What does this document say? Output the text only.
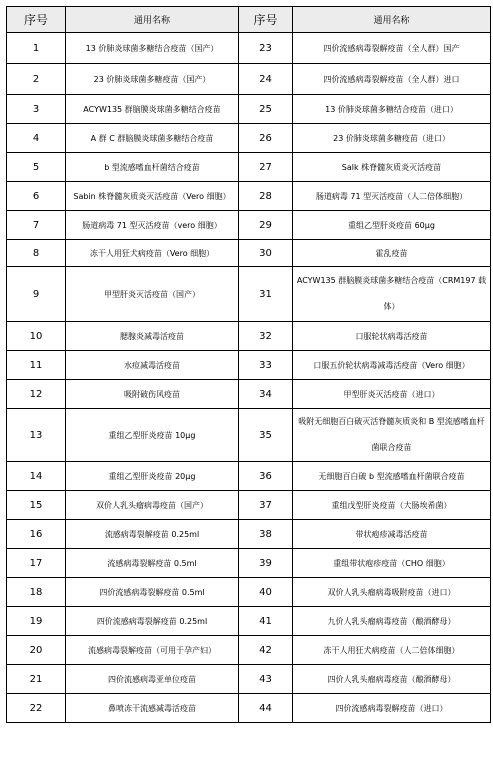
序号	通用名称	序号	通用名称
1	13 价肺炎球菌多糖结合疫苗（国产）	23	四价流感病毒裂解疫苗（全人群）国产
2	23 价肺炎球菌多糖疫苗（国产）	24	四价流感病毒裂解疫苗（全人群）进口
3	ACYW135 群脑膜炎球菌多糖结合疫苗	25	13 价肺炎球菌多糖结合疫苗（进口）
4	A 群 C 群脑膜炎球菌多糖结合疫苗	26	23 价肺炎球菌多糖疫苗（进口）
5	b 型流感嗜血杆菌结合疫苗	27	Salk 株脊髓灰质炎灭活疫苗
6	Sabin 株脊髓灰质炎灭活疫苗（Vero 细胞）	28	肠道病毒 71 型灭活疫苗（人二倍体细胞）
7	肠道病毒 71 型灭活疫苗（vero 细胞）	29	重组乙型肝炎疫苗 60μg
8	冻干人用狂犬病疫苗（Vero 细胞）	30	霍乱疫苗
9	甲型肝炎灭活疫苗（国产）	31	ACYW135 群脑膜炎球菌多糖结合疫苗（CRM197 载体）
10	腮腺炎减毒活疫苗	32	口服轮状病毒活疫苗
11	水痘减毒活疫苗	33	口服五价轮状病毒减毒活疫苗（Vero 细胞）
12	吸附破伤风疫苗	34	甲型肝炎灭活疫苗（进口）
13	重组乙型肝炎疫苗 10μg	35	吸附无细胞百白破灭活脊髓灰质炎和 B 型流感嗜血杆菌联合疫苗
14	重组乙型肝炎疫苗 20μg	36	无细胞百白破 b 型流感嗜血杆菌联合疫苗
15	双价人乳头瘤病毒疫苗（国产）	37	重组戊型肝炎疫苗（大肠埃希菌）
16	流感病毒裂解疫苗 0.25ml	38	带状疱疹减毒活疫苗
17	流感病毒裂解疫苗 0.5ml	39	重组带状疱疹疫苗（CHO 细胞）
18	四价流感病毒裂解疫苗 0.5ml	40	双价人乳头瘤病毒吸附疫苗（进口）
19	四价流感病毒裂解疫苗 0.25ml	41	九价人乳头瘤病毒疫苗（酿酒酵母）
20	流感病毒裂解疫苗（可用于孕产妇）	42	冻干人用狂犬病疫苗（人二倍体细胞）
21	四价流感病毒亚单位疫苗	43	四价人乳头瘤病毒疫苗（酿酒酵母）
22	鼻喷冻干流感减毒活疫苗	44	四价流感病毒裂解疫苗（进口）
